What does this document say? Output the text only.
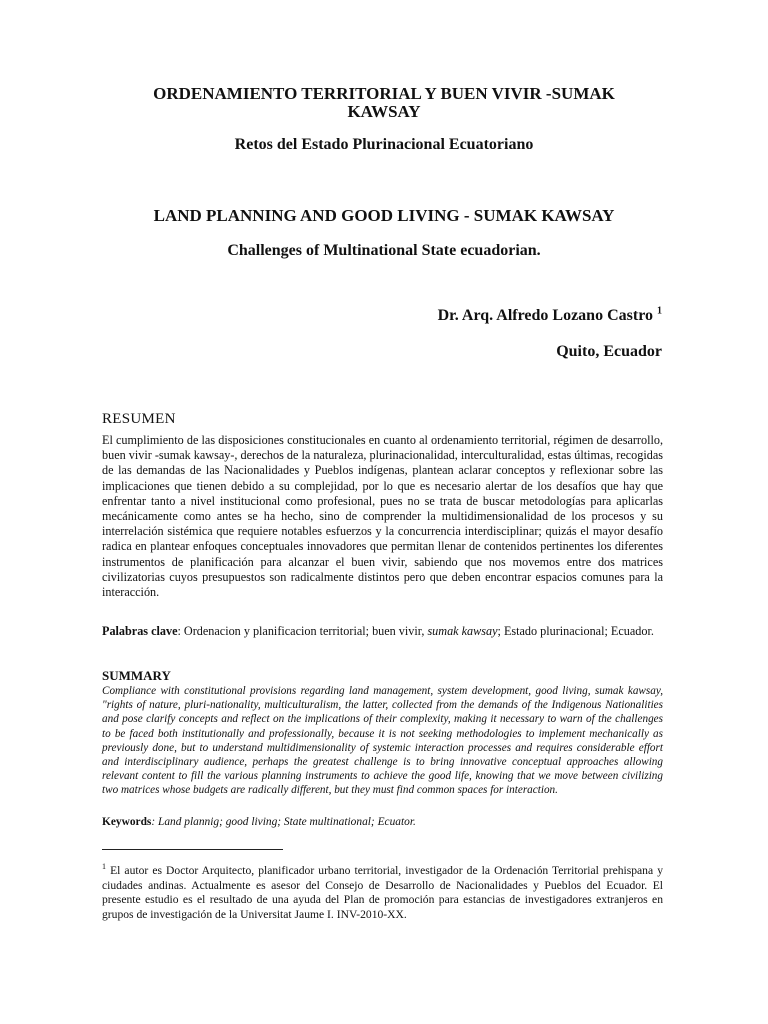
ORDENAMIENTO TERRITORIAL Y BUEN VIVIR -SUMAK KAWSAY
Retos del Estado Plurinacional Ecuatoriano
LAND PLANNING AND GOOD LIVING - SUMAK KAWSAY
Challenges of Multinational State ecuadorian.
Dr. Arq. Alfredo Lozano Castro $^1$
Quito, Ecuador
RESUMEN

El cumplimiento de las disposiciones constitucionales en cuanto al ordenamiento territorial, régimen de desarrollo, buen vivir -sumak kawsay-, derechos de la naturaleza, plurinacionalidad, interculturalidad, estas últimas, recogidas de las demandas de las Nacionalidades y Pueblos indígenas, plantean aclarar conceptos y reflexionar sobre las implicaciones que tienen debido a su complejidad, por lo que es necesario alertar de los desafíos que hay que enfrentar tanto a nivel institucional como profesional, pues no se trata de buscar metodologías para aplicarlas mecánicamente como antes se ha hecho, sino de comprender la multidimensionalidad de los procesos y su interrelación sistémica que requiere notables esfuerzos y la concurrencia interdisciplinar; quizás el mayor desafío radica en plantear enfoques conceptuales innovadores que permitan llenar de contenidos pertinentes los diferentes instrumentos de planificación para alcanzar el buen vivir, sabiendo que nos movemos entre dos matrices civilizatorias cuyos presupuestos son radicalmente distintos pero que deben encontrar espacios comunes para la interacción.

Palabras clave: Ordenacion y planificacion territorial; buen vivir, sumak kawsay; Estado plurinacional; Ecuador.

SUMMARY

Compliance with constitutional provisions regarding land management, system development, good living, sumak kawsay, "rights of nature, pluri-nationality, multiculturalism, the latter, collected from the demands of the Indigenous Nationalities and pose clarify concepts and reflect on the implications of their complexity, making it necessary to warn of the challenges to be faced both institutionally and professionally, because it is not seeking methodologies to implement mechanically as previously done, but to understand multidimensionality of systemic interaction processes and requires considerable effort and interdisciplinary audience, perhaps the greatest challenge is to bring innovative conceptual approaches allowing relevant content to fill the various planning instruments to achieve the good life, knowing that we move between civilizing two matrices whose budgets are radically different, but they must find common spaces for interaction.

Keywords: Land plannig; good living; State multinational; Ecuator.

$^1$ El autor es Doctor Arquitecto, planificador urbano territorial, investigador de la Ordenación Territorial prehispana y ciudades andinas. Actualmente es asesor del Consejo de Desarrollo de Nacionalidades y Pueblos del Ecuador. El presente estudio es el resultado de una ayuda del Plan de promoción para estancias de investigadores extranjeros en grupos de investigación de la Universitat Jaume I. INV-2010-XX.
